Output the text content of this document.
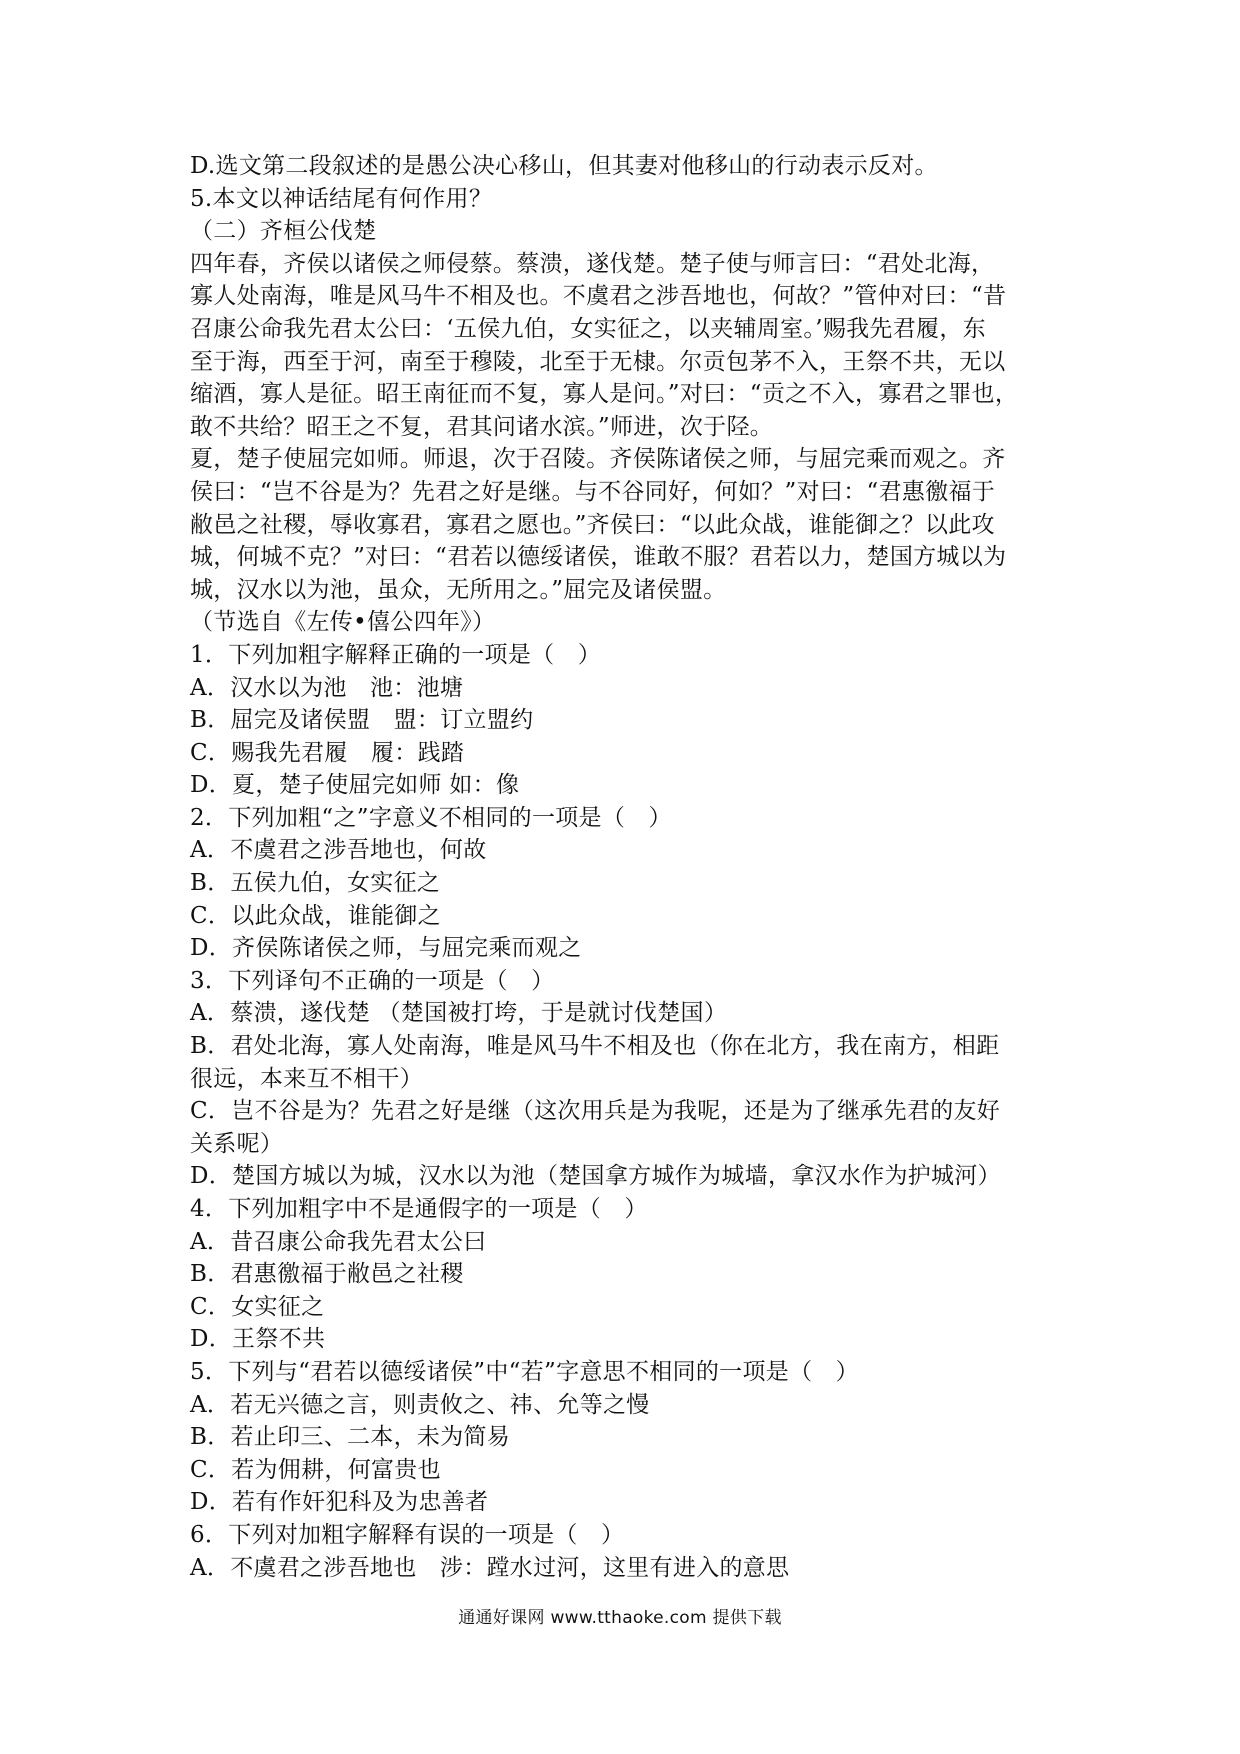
D.选文第二段叙述的是愚公决心移山，但其妻对他移山的行动表示反对。
5.本文以神话结尾有何作用？
（二）齐桓公伐楚
四年春，齐侯以诸侯之师侵蔡。蔡溃，遂伐楚。楚子使与师言曰：“君处北海，
寡人处南海，唯是风马牛不相及也。不虞君之涉吾地也，何故？”管仲对曰：“昔
召康公命我先君太公曰：‘五侯九伯，女实征之，以夹辅周室。’赐我先君履，东
至于海，西至于河，南至于穆陵，北至于无棣。尔贡包茅不入，王祭不共，无以
缩酒，寡人是征。昭王南征而不复，寡人是问。”对曰：“贡之不入，寡君之罪也，
敢不共给？昭王之不复，君其问诸水滨。”师进，次于陉。
夏，楚子使屈完如师。师退，次于召陵。齐侯陈诸侯之师，与屈完乘而观之。齐
侯曰：“岂不谷是为？先君之好是继。与不谷同好，何如？”对曰：“君惠徼福于
敝邑之社稷，辱收寡君，寡君之愿也。”齐侯曰：“以此众战，谁能御之？以此攻
城，何城不克？”对曰：“君若以德绥诸侯，谁敢不服？君若以力，楚国方城以为
城，汉水以为池，虽众，无所用之。”屈完及诸侯盟。
（节选自《左传•僖公四年》）
1．下列加粗字解释正确的一项是（　）
A．汉水以为池　池：池塘
B．屈完及诸侯盟　盟：订立盟约
C．赐我先君履　履：践踏
D．夏，楚子使屈完如师 如：像
2．下列加粗“之”字意义不相同的一项是（　）
A．不虞君之涉吾地也，何故
B．五侯九伯，女实征之
C．以此众战，谁能御之
D．齐侯陈诸侯之师，与屈完乘而观之
3．下列译句不正确的一项是（　）
A．蔡溃，遂伐楚 （楚国被打垮，于是就讨伐楚国）
B．君处北海，寡人处南海，唯是风马牛不相及也（你在北方，我在南方，相距
很远，本来互不相干）
C．岂不谷是为？先君之好是继（这次用兵是为我呢，还是为了继承先君的友好
关系呢）
D．楚国方城以为城，汉水以为池（楚国拿方城作为城墙，拿汉水作为护城河）
4．下列加粗字中不是通假字的一项是（　）
A．昔召康公命我先君太公曰
B．君惠徼福于敝邑之社稷
C．女实征之
D．王祭不共
5．下列与“君若以德绥诸侯”中“若”字意思不相同的一项是（　）
A．若无兴德之言，则责攸之、祎、允等之慢
B．若止印三、二本，未为简易
C．若为佣耕，何富贵也
D．若有作奸犯科及为忠善者
6．下列对加粗字解释有误的一项是（　）
A．不虞君之涉吾地也　涉：蹚水过河，这里有进入的意思
通通好课网 www.tthaoke.com 提供下载
